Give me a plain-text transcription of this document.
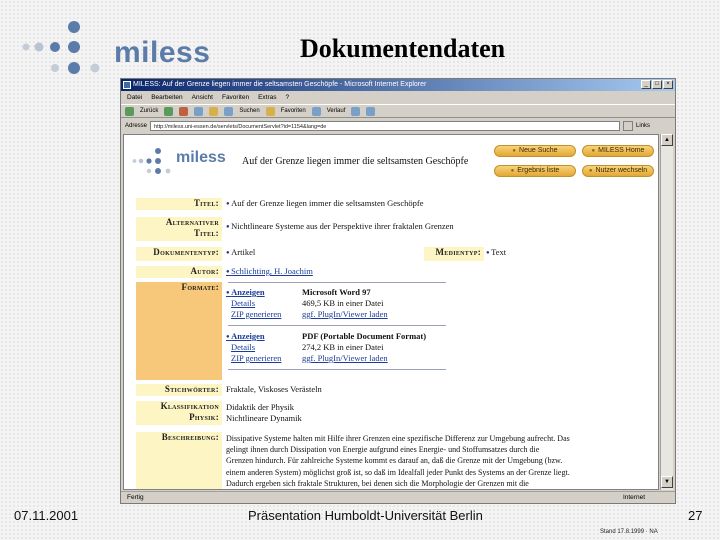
miless	Dokumentendaten
MILESS: Auf der Grenze liegen immer die seltsamsten Geschöpfe - Microsoft Internet Explorer	_	□	×
Datei Bearbeiten Ansicht Favoriten Extras ?
Zurück	Suchen	Favoriten	Verlauf
Adresse	http://miless.uni-essen.de/servlets/DocumentServlet?id=1154&lang=de	Links
miless Auf der Grenze liegen immer die seltsamsten Geschöpfe
● Neue Suche	● MILESS Home
● Ergebnis liste	● Nutzer wechseln
Titel:	● Auf der Grenze liegen immer die seltsamsten Geschöpfe
Alternativer
Titel:
● Nichtlineare Systeme aus der Perspektive ihrer fraktalen Grenzen
Dokumententyp:	● Artikel	Medientyp:	● Text
Autor:	● Schlichting, H. Joachim
Formate:	● Anzeigen	Microsoft Word 97
Details	469,5 KB in einer Datei
ZIP generieren ggf. PlugIn/Viewer laden
● Anzeigen	PDF (Portable Document Format)
Details	274,2 KB in einer Datei
ZIP generieren ggf. PlugIn/Viewer laden
Stichwörter: Fraktale, Viskoses Verästeln
Klassifikation
Physik:
Didaktik der Physik
Nichtlineare Dynamik
Beschreibung: Dissipative Systeme halten mit Hilfe ihrer Grenzen eine spezifische Differenz zur Umgebung aufrecht. Das
gelingt ihnen durch Dissipation von Energie aufgrund eines Energie- und Stoffumsatzes durch die
Grenzen hindurch. Für zahlreiche Systeme kommt es darauf an, daß die Grenze mit der Umgebung (bzw.
einem anderen System) möglichst groß ist, so daß im Idealfall jeder Punkt des Systems an der Grenze liegt.
Dadurch ergeben sich fraktale Strukturen, bei denen sich die Morphologie der Grenzen mit die
▲
▼
Fertig	Internet
07.11.2001	Präsentation Humboldt-Universität Berlin	27
Stand 17.8.1999 · NA
